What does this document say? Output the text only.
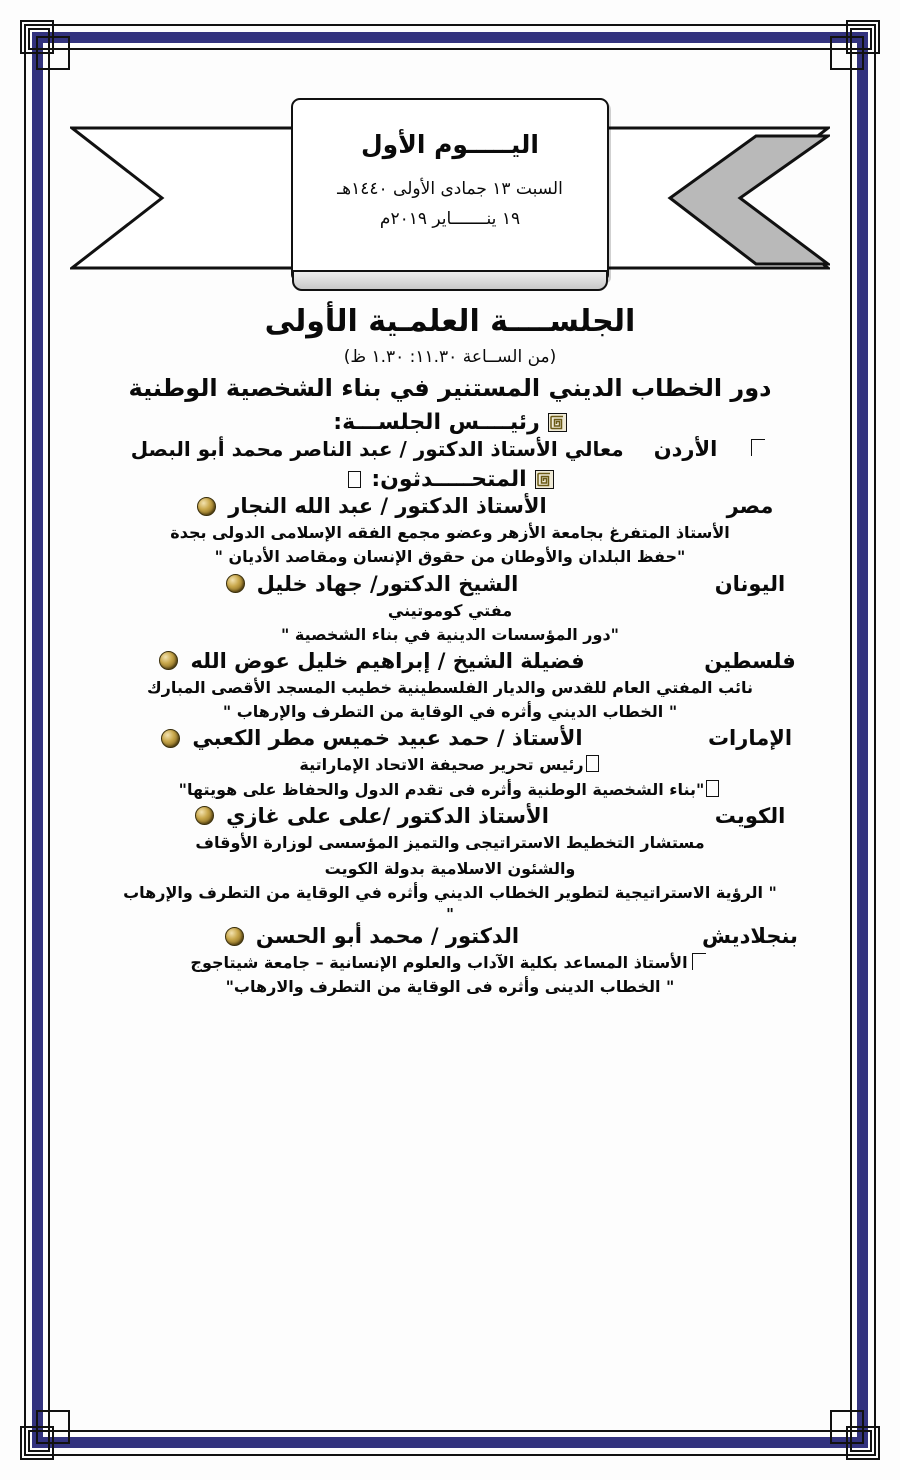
اليـــــوم الأول
السبت ١٣ جمادى الأولى ١٤٤٠هـ
١٩ ينـــــــاير ٢٠١٩م
الجلســــة العلمـية الأولى
(من الســاعة ١١.٣٠: ١.٣٠ ظ)
دور الخطاب الديني المستنير في بناء الشخصية الوطنية
رئيــــس الجلســـة:
الأردن
معالي الأستاذ الدكتور / عبد الناصر محمد أبو البصل
المتحـــــدثون:
مصر
الأستاذ الدكتور / عبد الله النجار
الأستاذ المتفرغ بجامعة الأزهر وعضو مجمع الفقه الإسلامى الدولى بجدة
"حفظ البلدان والأوطان من حقوق الإنسان ومقاصد الأديان "
اليونان
الشيخ الدكتور/ جهاد خليل
مفتي كوموتيني
"دور المؤسسات الدينية في بناء الشخصية "
فلسطين
فضيلة الشيخ / إبراهيم خليل عوض الله
نائب المفتي العام للقدس والديار الفلسطينية خطيب المسجد الأقصى المبارك
" الخطاب الديني وأثره في الوقاية من التطرف والإرهاب "
الإمارات
الأستاذ / حمد عبيد خميس مطر الكعبي
رئيس تحرير صحيفة الاتحاد الإماراتية
"بناء الشخصية الوطنية وأثره فى تقدم الدول والحفاظ على هويتها"
الكويت
الأستاذ الدكتور /على على غازي
مستشار التخطيط الاستراتيجى والتميز المؤسسى لوزارة الأوقاف
والشئون الاسلامية بدولة الكويت
" الرؤية الاستراتيجية لتطوير الخطاب الديني وأثره في الوقاية من التطرف والإرهاب
"
بنجلاديش
الدكتور / محمد أبو الحسن
الأستاذ المساعد بكلية الآداب والعلوم الإنسانية – جامعة شيتاجوج
" الخطاب الدينى وأثره فى الوقاية من التطرف والارهاب"
